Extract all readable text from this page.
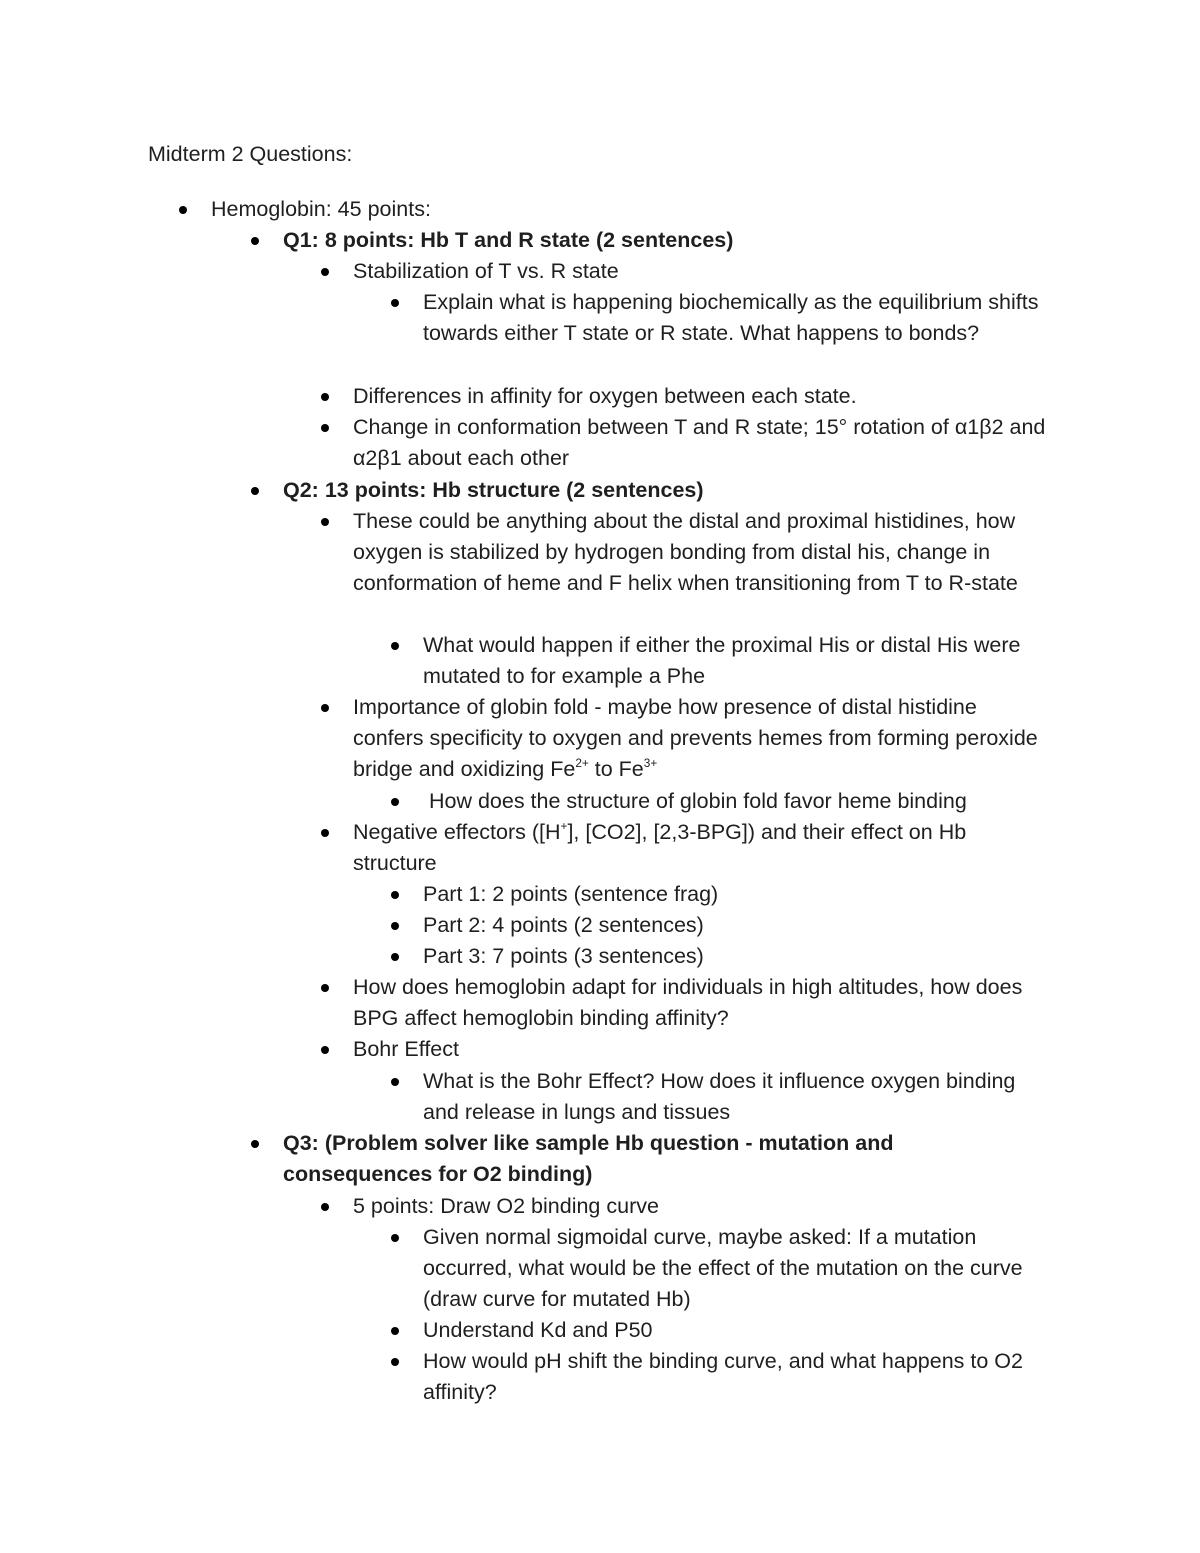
Midterm 2 Questions:
Hemoglobin: 45 points:
Q1: 8 points: Hb T and R state (2 sentences)
Stabilization of T vs. R state
Explain what is happening biochemically as the equilibrium shifts towards either T state or R state. What happens to bonds?
Differences in affinity for oxygen between each state.
Change in conformation between T and R state; 15° rotation of α1β2 and α2β1 about each other
Q2: 13 points: Hb structure (2 sentences)
These could be anything about the distal and proximal histidines, how oxygen is stabilized by hydrogen bonding from distal his, change in conformation of heme and F helix when transitioning from T to R-state
What would happen if either the proximal His or distal His were mutated to for example a Phe
Importance of globin fold - maybe how presence of distal histidine confers specificity to oxygen and prevents hemes from forming peroxide bridge and oxidizing $Fe^{2+}$ to $Fe^{3+}$
How does the structure of globin fold favor heme binding
Negative effectors ([H+], [CO2], [2,3-BPG]) and their effect on Hb structure
Part 1: 2 points (sentence frag)
Part 2: 4 points (2 sentences)
Part 3: 7 points (3 sentences)
How does hemoglobin adapt for individuals in high altitudes, how does BPG affect hemoglobin binding affinity?
Bohr Effect
What is the Bohr Effect? How does it influence oxygen binding and release in lungs and tissues
Q3: (Problem solver like sample Hb question - mutation and consequences for O2 binding)
5 points: Draw O2 binding curve
Given normal sigmoidal curve, maybe asked: If a mutation occurred, what would be the effect of the mutation on the curve (draw curve for mutated Hb)
Understand Kd and P50
How would pH shift the binding curve, and what happens to O2 affinity?
